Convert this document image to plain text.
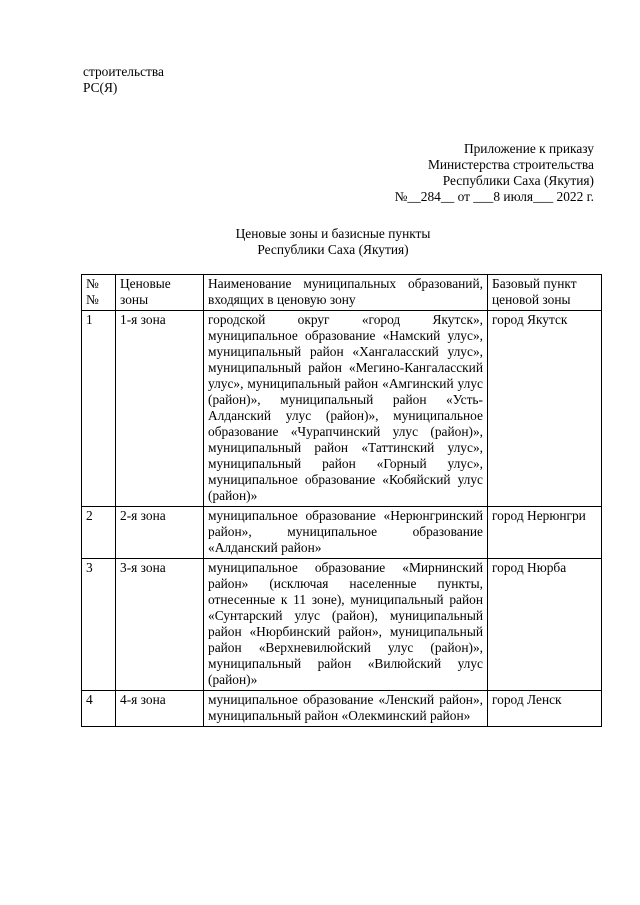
строительства
РС(Я)
Приложение к приказу
Министерства строительства
Республики Саха (Якутия)
№__284__ от ___8 июля___ 2022 г.
Ценовые зоны и базисные пункты
Республики Саха (Якутия)
№№	Ценовые зоны	Наименование муниципальных образований, входящих в ценовую зону	Базовый пункт ценовой зоны
1	1-я зона	городской округ «город Якутск», муниципальное образование «Намский улус», муниципальный район «Хангаласский улус», муниципальный район «Мегино-Кангаласский улус», муниципальный район «Амгинский улус (район)», муниципальный район «Усть-Алданский улус (район)», муниципальное образование «Чурапчинский улус (район)», муниципальный район «Таттинский улус», муниципальный район «Горный улус», муниципальное образование «Кобяйский улус (район)»	город Якутск
2	2-я зона	муниципальное образование «Нерюнгринский район», муниципальное образование «Алданский район»	город Нерюнгри
3	3-я зона	муниципальное образование «Мирнинский район» (исключая населенные пункты, отнесенные к 11 зоне), муниципальный район «Сунтарский улус (район), муниципальный район «Нюрбинский район», муниципальный район «Верхневилюйский улус (район)», муниципальный район «Вилюйский улус (район)»	город Нюрба
4	4-я зона	муниципальное образование «Ленский район», муниципальный район «Олекминский район»	город Ленск
